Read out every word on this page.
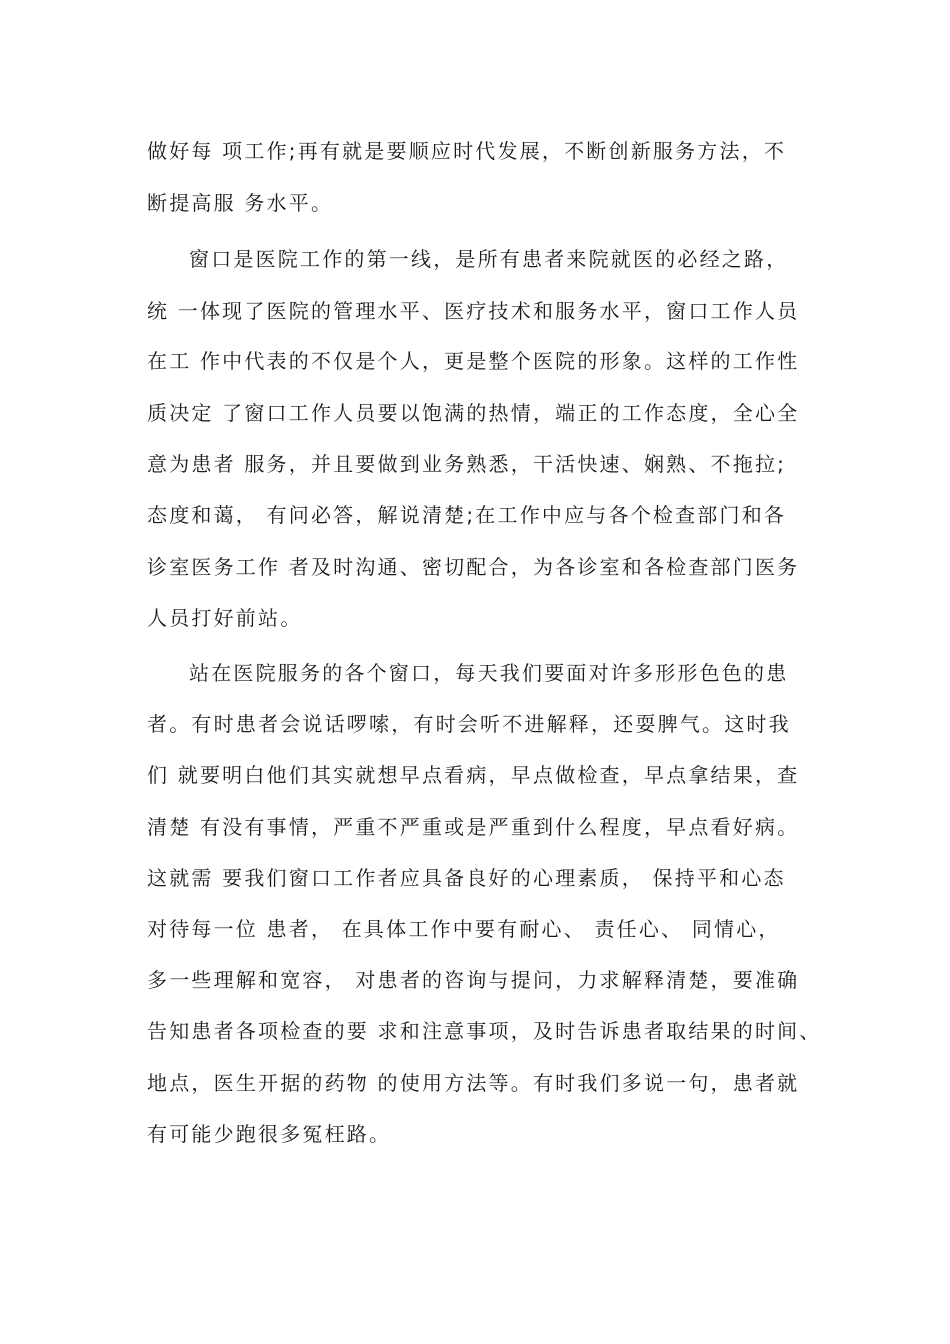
做好每 项工作;再有就是要顺应时代发展，不断创新服务方法，不
断提高服 务水平。
窗口是医院工作的第一线，是所有患者来院就医的必经之路，
统 一体现了医院的管理水平、医疗技术和服务水平，窗口工作人员
在工 作中代表的不仅是个人，更是整个医院的形象。这样的工作性
质决定 了窗口工作人员要以饱满的热情，端正的工作态度，全心全
意为患者 服务，并且要做到业务熟悉，干活快速、娴熟、不拖拉;
态度和蔼， 有问必答，解说清楚;在工作中应与各个检查部门和各
诊室医务工作 者及时沟通、密切配合，为各诊室和各检查部门医务
人员打好前站。
站在医院服务的各个窗口，每天我们要面对许多形形色色的患
者。有时患者会说话啰嗦，有时会听不进解释，还耍脾气。这时我
们 就要明白他们其实就想早点看病，早点做检查，早点拿结果，查
清楚 有没有事情，严重不严重或是严重到什么程度，早点看好病。
这就需 要我们窗口工作者应具备良好的心理素质， 保持平和心态
对待每一位 患者， 在具体工作中要有耐心、 责任心、 同情心，
多一些理解和宽容， 对患者的咨询与提问，力求解释清楚，要准确
告知患者各项检查的要 求和注意事项，及时告诉患者取结果的时间、
地点，医生开据的药物 的使用方法等。有时我们多说一句，患者就
有可能少跑很多冤枉路。
